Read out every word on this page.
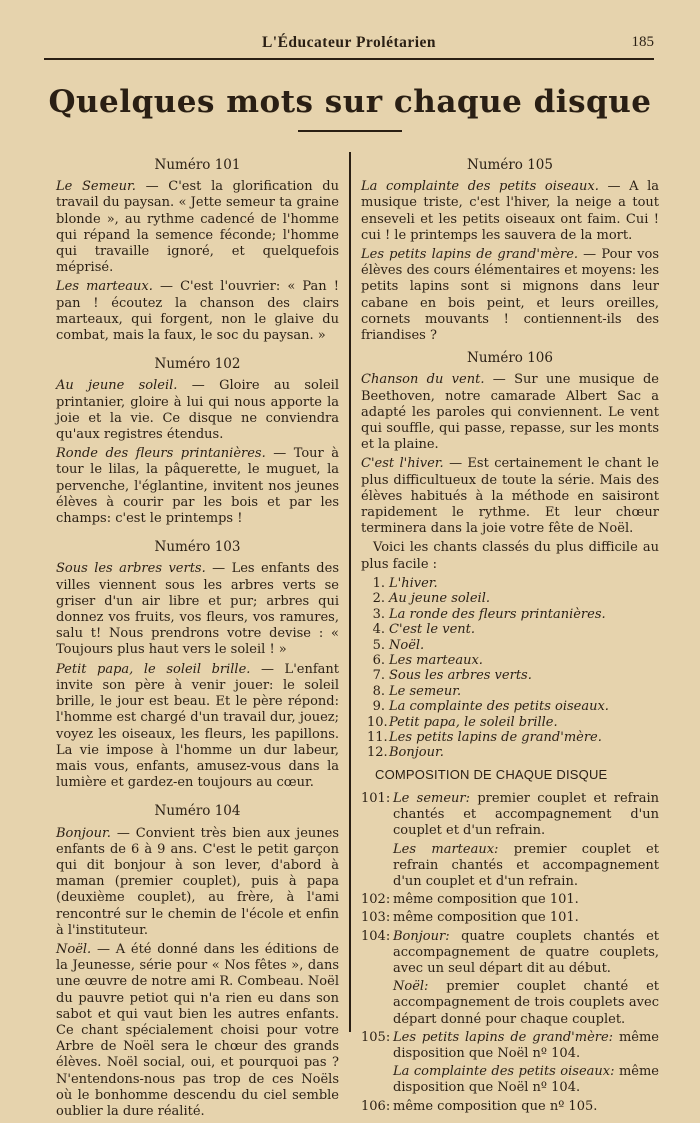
L'Éducateur Prolétarien	185
Quelques mots sur chaque disque
Numéro 101

Le Semeur. — C'est la glorification du travail du paysan. « Jette semeur ta graine blonde », au rythme cadencé de l'homme qui répand la semence féconde; l'homme qui travaille ignoré, et quelquefois méprisé.

Les marteaux. — C'est l'ouvrier: « Pan ! pan ! écoutez la chanson des clairs marteaux, qui forgent, non le glaive du combat, mais la faux, le soc du paysan. »

Numéro 102

Au jeune soleil. — Gloire au soleil printanier, gloire à lui qui nous apporte la joie et la vie. Ce disque ne conviendra qu'aux registres étendus.

Ronde des fleurs printanières. — Tour à tour le lilas, la pâquerette, le muguet, la pervenche, l'églantine, invitent nos jeunes élèves à courir par les bois et par les champs: c'est le printemps !

Numéro 103

Sous les arbres verts. — Les enfants des villes viennent sous les arbres verts se griser d'un air libre et pur; arbres qui donnez vos fruits, vos fleurs, vos ramures, salu t! Nous prendrons votre devise : « Toujours plus haut vers le soleil ! »

Petit papa, le soleil brille. — L'enfant invite son père à venir jouer: le soleil brille, le jour est beau. Et le père répond: l'homme est chargé d'un travail dur, jouez; voyez les oiseaux, les fleurs, les papillons. La vie impose à l'homme un dur labeur, mais vous, enfants, amusez-vous dans la lumière et gardez-en toujours au cœur.

Numéro 104

Bonjour. — Convient très bien aux jeunes enfants de 6 à 9 ans. C'est le petit garçon qui dit bonjour à son lever, d'abord à maman (premier couplet), puis à papa (deuxième couplet), au frère, à l'ami rencontré sur le chemin de l'école et enfin à l'instituteur.

Noël. — A été donné dans les éditions de la Jeunesse, série pour « Nos fêtes », dans une œuvre de notre ami R. Combeau. Noël du pauvre petiot qui n'a rien eu dans son sabot et qui vaut bien les autres enfants. Ce chant spécialement choisi pour votre Arbre de Noël sera le chœur des grands élèves. Noël social, oui, et pourquoi pas ? N'entendons-nous pas trop de ces Noëls où le bonhomme descendu du ciel semble oublier la dure réalité.

Numéro 105

La complainte des petits oiseaux. — A la musique triste, c'est l'hiver, la neige a tout enseveli et les petits oiseaux ont faim. Cui ! cui ! le printemps les sauvera de la mort.

Les petits lapins de grand'mère. — Pour vos élèves des cours élémentaires et moyens: les petits lapins sont si mignons dans leur cabane en bois peint, et leurs oreilles, cornets mouvants ! contiennent-ils des friandises ?

Numéro 106

Chanson du vent. — Sur une musique de Beethoven, notre camarade Albert Sac a adapté les paroles qui conviennent. Le vent qui souffle, qui passe, repasse, sur les monts et la plaine.

C'est l'hiver. — Est certainement le chant le plus difficultueux de toute la série. Mais des élèves habitués à la méthode en saisiront rapidement le rythme. Et leur chœur terminera dans la joie votre fête de Noël.

Voici les chants classés du plus difficile au plus facile :

1. L'hiver.
2. Au jeune soleil.
3. La ronde des fleurs printanières.
4. C'est le vent.
5. Noël.
6. Les marteaux.
7. Sous les arbres verts.
8. Le semeur.
9. La complainte des petits oiseaux.
10.Petit papa, le soleil brille.
11.Les petits lapins de grand'mère.
12.Bonjour.
COMPOSITION DE CHAQUE DISQUE
101: Le semeur: premier couplet et refrain chantés et accompagnement d'un couplet et d'un refrain.
Les marteaux: premier couplet et refrain chantés et accompagnement d'un couplet et d'un refrain.
102: même composition que 101.
103: même composition que 101.
104: Bonjour: quatre couplets chantés et accompagnement de quatre couplets, avec un seul départ dit au début.
Noël: premier couplet chanté et accompagnement de trois couplets avec départ donné pour chaque couplet.
105: Les petits lapins de grand'mère: même disposition que Noël nº 104.
La complainte des petits oiseaux: même disposition que Noël nº 104.
106: même composition que nº 105.
